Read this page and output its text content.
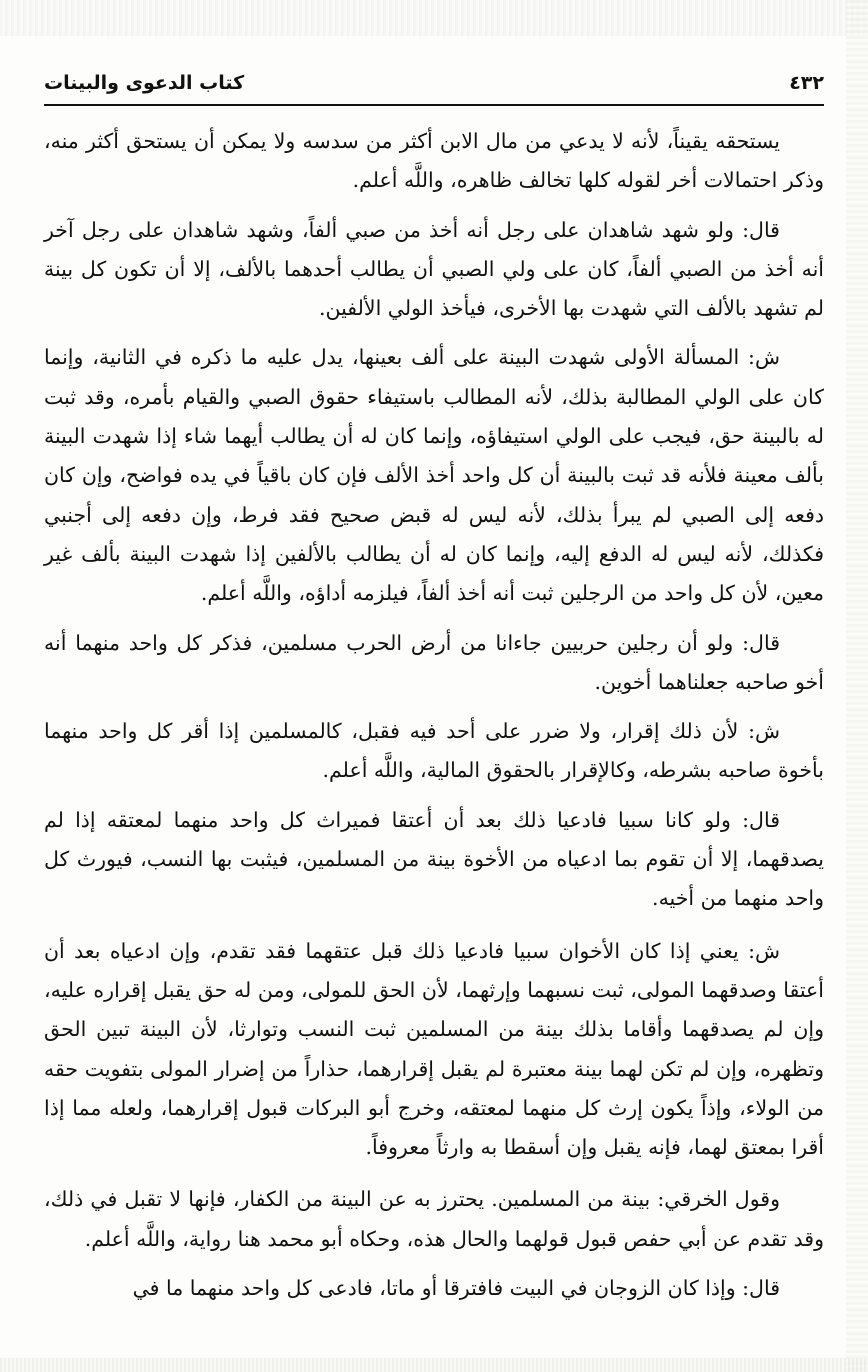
٤٣٢
كتاب الدعوى والبينات

يستحقه يقيناً، لأنه لا يدعي من مال الابن أكثر من سدسه ولا يمكن أن يستحق أكثر منه، وذكر احتمالات أخر لقوله كلها تخالف ظاهره، واللَّه أعلم.

قال: ولو شهد شاهدان على رجل أنه أخذ من صبي ألفاً، وشهد شاهدان على رجل آخر أنه أخذ من الصبي ألفاً، كان على ولي الصبي أن يطالب أحدهما بالألف، إلا أن تكون كل بينة لم تشهد بالألف التي شهدت بها الأخرى، فيأخذ الولي الألفين.

ش: المسألة الأولى شهدت البينة على ألف بعينها، يدل عليه ما ذكره في الثانية، وإنما كان على الولي المطالبة بذلك، لأنه المطالب باستيفاء حقوق الصبي والقيام بأمره، وقد ثبت له بالبينة حق، فيجب على الولي استيفاؤه، وإنما كان له أن يطالب أيهما شاء إذا شهدت البينة بألف معينة فلأنه قد ثبت بالبينة أن كل واحد أخذ الألف فإن كان باقياً في يده فواضح، وإن كان دفعه إلى الصبي لم يبرأ بذلك، لأنه ليس له قبض صحيح فقد فرط، وإن دفعه إلى أجنبي فكذلك، لأنه ليس له الدفع إليه، وإنما كان له أن يطالب بالألفين إذا شهدت البينة بألف غير معين، لأن كل واحد من الرجلين ثبت أنه أخذ ألفاً، فيلزمه أداؤه، واللَّه أعلم.

قال: ولو أن رجلين حربيين جاءانا من أرض الحرب مسلمين، فذكر كل واحد منهما أنه أخو صاحبه جعلناهما أخوين.

ش: لأن ذلك إقرار، ولا ضرر على أحد فيه فقبل، كالمسلمين إذا أقر كل واحد منهما بأخوة صاحبه بشرطه، وكالإقرار بالحقوق المالية، واللَّه أعلم.

قال: ولو كانا سبيا فادعيا ذلك بعد أن أعتقا فميراث كل واحد منهما لمعتقه إذا لم يصدقهما، إلا أن تقوم بما ادعياه من الأخوة بينة من المسلمين، فيثبت بها النسب، فيورث كل واحد منهما من أخيه.

ش: يعني إذا كان الأخوان سبيا فادعيا ذلك قبل عتقهما فقد تقدم، وإن ادعياه بعد أن أعتقا وصدقهما المولى، ثبت نسبهما وإرثهما، لأن الحق للمولى، ومن له حق يقبل إقراره عليه، وإن لم يصدقهما وأقاما بذلك بينة من المسلمين ثبت النسب وتوارثا، لأن البينة تبين الحق وتظهره، وإن لم تكن لهما بينة معتبرة لم يقبل إقرارهما، حذاراً من إضرار المولى بتفويت حقه من الولاء، وإذاً يكون إرث كل منهما لمعتقه، وخرج أبو البركات قبول إقرارهما، ولعله مما إذا أقرا بمعتق لهما، فإنه يقبل وإن أسقطا به وارثاً معروفاً.

وقول الخرقي: بينة من المسلمين. يحترز به عن البينة من الكفار، فإنها لا تقبل في ذلك، وقد تقدم عن أبي حفص قبول قولهما والحال هذه، وحكاه أبو محمد هنا رواية، واللَّه أعلم.

قال: وإذا كان الزوجان في البيت فافترقا أو ماتا، فادعى كل واحد منهما ما في
